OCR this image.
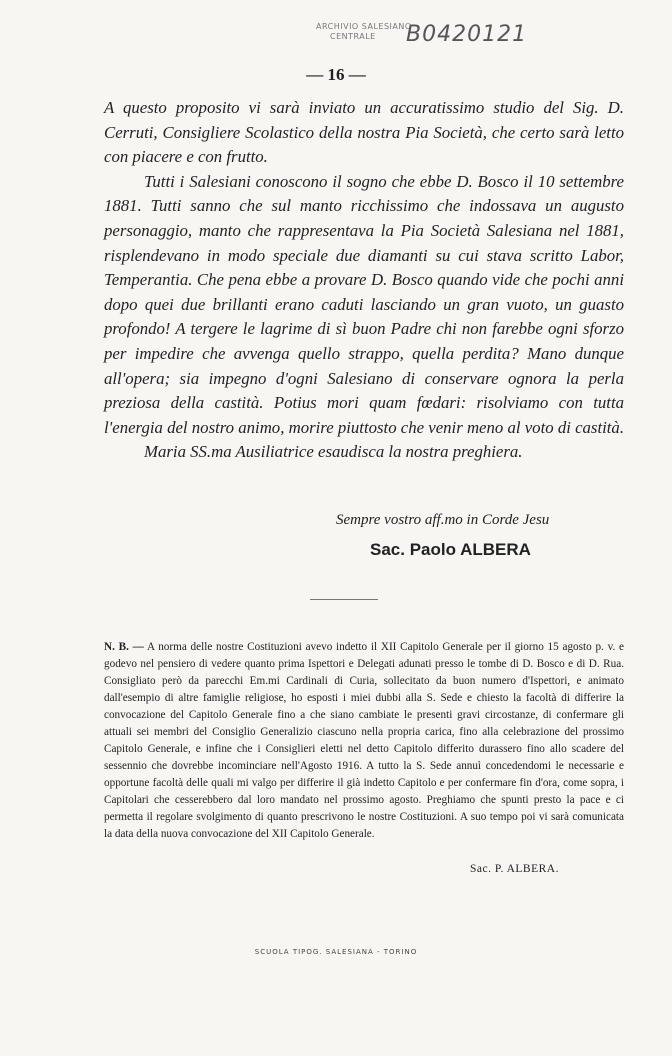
ARCHIVIO SALESIANO
CENTRALE	B0420121
— 16 —

A questo proposito vi sarà inviato un accuratissimo studio del Sig. D. Cerruti, Consigliere Scolastico della nostra Pia Società, che certo sarà letto con piacere e con frutto.

Tutti i Salesiani conoscono il sogno che ebbe D. Bosco il 10 settembre 1881. Tutti sanno che sul manto ricchissimo che indossava un augusto personaggio, manto che rappresentava la Pia Società Salesiana nel 1881, risplendevano in modo speciale due diamanti su cui stava scritto Labor, Temperantia. Che pena ebbe a provare D. Bosco quando vide che pochi anni dopo quei due brillanti erano caduti lasciando un gran vuoto, un guasto profondo! A tergere le lagrime di sì buon Padre chi non farebbe ogni sforzo per impedire che avvenga quello strappo, quella perdita? Mano dunque all'opera; sia impegno d'ogni Salesiano di conservare ognora la perla preziosa della castità. Potius mori quam fœdari: risolviamo con tutta l'energia del nostro animo, morire piuttosto che venir meno al voto di castità.

Maria SS.ma Ausiliatrice esaudisca la nostra preghiera.

Sempre vostro aff.mo in Corde Jesu
Sac. Paolo ALBERA
N. B. — A norma delle nostre Costituzioni avevo indetto il XII Capitolo Generale per il giorno 15 agosto p. v. e godevo nel pensiero di vedere quanto prima Ispettori e Delegati adunati presso le tombe di D. Bosco e di D. Rua. Consigliato però da parecchi Em.mi Cardinali di Curia, sollecitato da buon numero d'Ispettori, e animato dall'esempio di altre famiglie religiose, ho esposti i miei dubbi alla S. Sede e chiesto la facoltà di differire la convocazione del Capitolo Generale fino a che siano cambiate le presenti gravi circostanze, di confermare gli attuali sei membri del Consiglio Generalizio ciascuno nella propria carica, fino alla celebrazione del prossimo Capitolo Generale, e infine che i Consiglieri eletti nel detto Capitolo differito durassero fino allo scadere del sessennio che dovrebbe incominciare nell'Agosto 1916. A tutto la S. Sede annuì concedendomi le necessarie e opportune facoltà delle quali mi valgo per differire il già indetto Capitolo e per confermare fin d'ora, come sopra, i Capitolari che cesserebbero dal loro mandato nel prossimo agosto. Preghiamo che spunti presto la pace e ci permetta il regolare svolgimento di quanto prescrivono le nostre Costituzioni. A suo tempo poi vi sarà comunicata la data della nuova convocazione del XII Capitolo Generale.
Sac. P. ALBERA.
SCUOLA TIPOG. SALESIANA - TORINO
